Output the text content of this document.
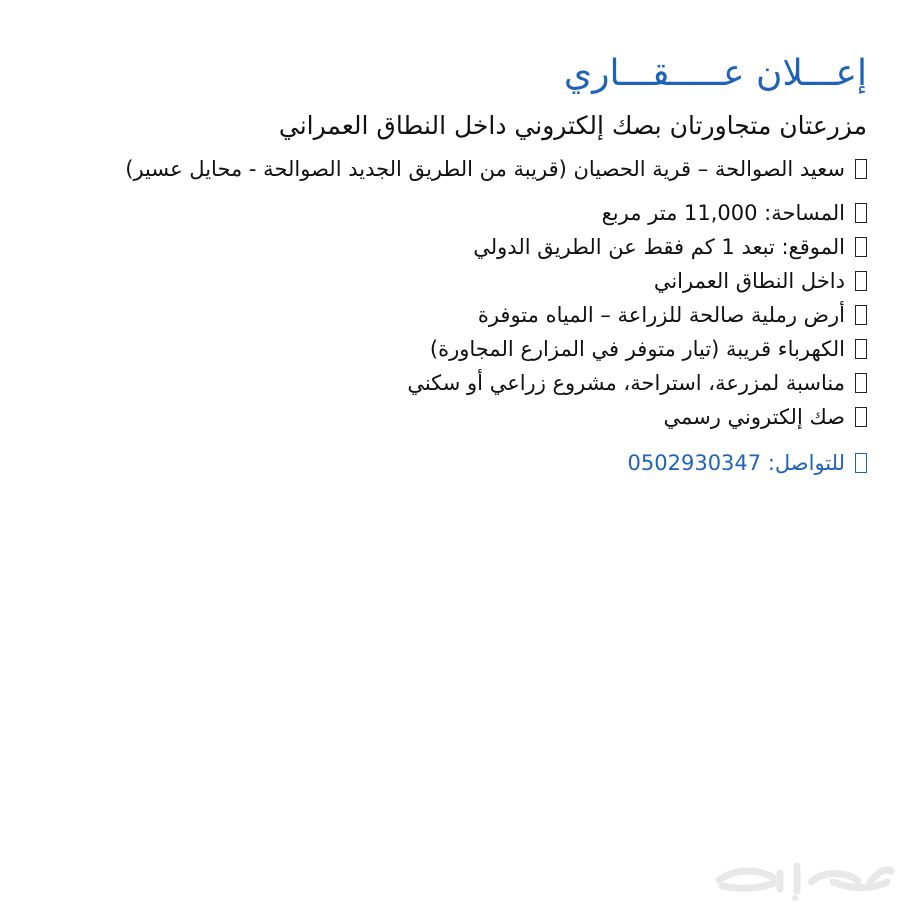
إعـــلان عـــــقـــاري
مزرعتان متجاورتان بصك إلكتروني داخل النطاق العمراني
سعيد الصوالحة – قرية الحصيان (قريبة من الطريق الجديد الصوالحة - محايل عسير)
المساحة: 11,000 متر مربع
الموقع: تبعد 1 كم فقط عن الطريق الدولي
داخل النطاق العمراني
أرض رملية صالحة للزراعة – المياه متوفرة
الكهرباء قريبة (تيار متوفر في المزارع المجاورة)
مناسبة لمزرعة، استراحة، مشروع زراعي أو سكني
صك إلكتروني رسمي
للتواصل: 0502930347
